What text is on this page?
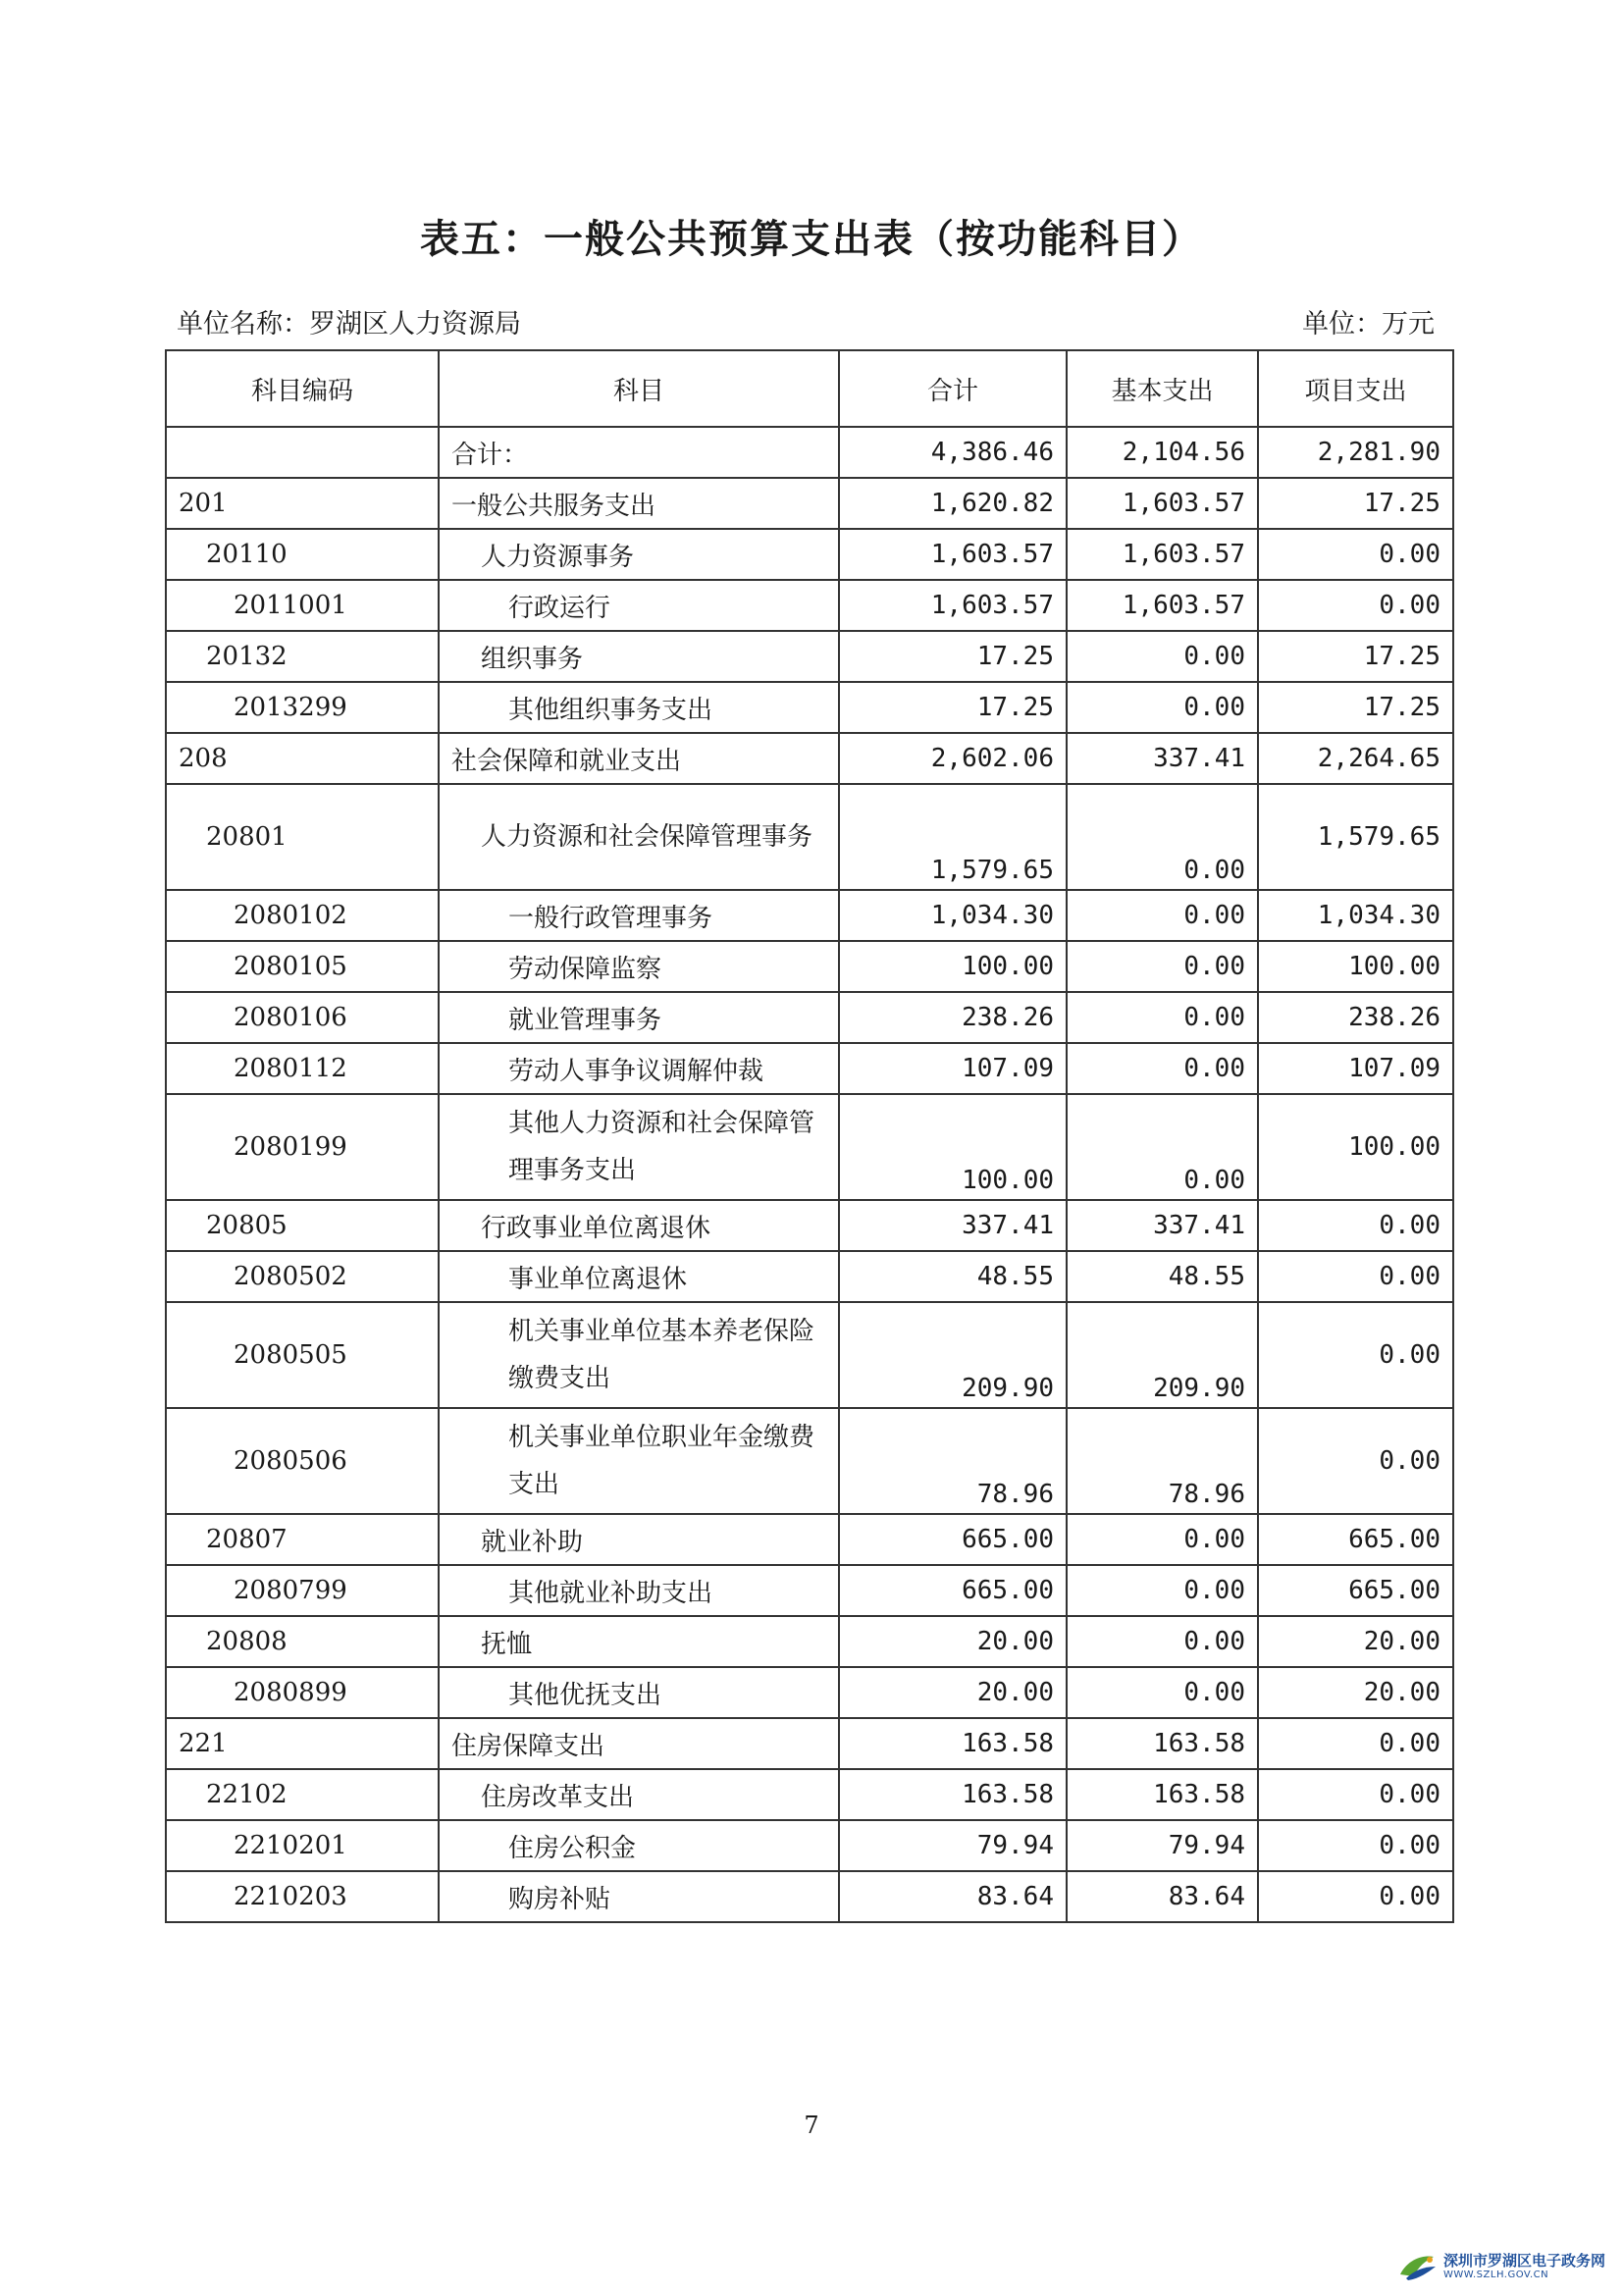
表五：一般公共预算支出表（按功能科目）
单位名称：罗湖区人力资源局	单位：万元
科目编码	科目	合计	基本支出	项目支出
	合计：	4,386.46	2,104.56	2,281.90
201	一般公共服务支出	1,620.82	1,603.57	17.25
20110	人力资源事务	1,603.57	1,603.57	0.00
2011001	行政运行	1,603.57	1,603.57	0.00
20132	组织事务	17.25	0.00	17.25
2013299	其他组织事务支出	17.25	0.00	17.25
208	社会保障和就业支出	2,602.06	337.41	2,264.65
20801	人力资源和社会保障管理事务	1,579.65	0.00	1,579.65
2080102	一般行政管理事务	1,034.30	0.00	1,034.30
2080105	劳动保障监察	100.00	0.00	100.00
2080106	就业管理事务	238.26	0.00	238.26
2080112	劳动人事争议调解仲裁	107.09	0.00	107.09
2080199	其他人力资源和社会保障管理事务支出	100.00	0.00	100.00
20805	行政事业单位离退休	337.41	337.41	0.00
2080502	事业单位离退休	48.55	48.55	0.00
2080505	机关事业单位基本养老保险缴费支出	209.90	209.90	0.00
2080506	机关事业单位职业年金缴费支出	78.96	78.96	0.00
20807	就业补助	665.00	0.00	665.00
2080799	其他就业补助支出	665.00	0.00	665.00
20808	抚恤	20.00	0.00	20.00
2080899	其他优抚支出	20.00	0.00	20.00
221	住房保障支出	163.58	163.58	0.00
22102	住房改革支出	163.58	163.58	0.00
2210201	住房公积金	79.94	79.94	0.00
2210203	购房补贴	83.64	83.64	0.00
7
深圳市罗湖区电子政务网
WWW.SZLH.GOV.CN
